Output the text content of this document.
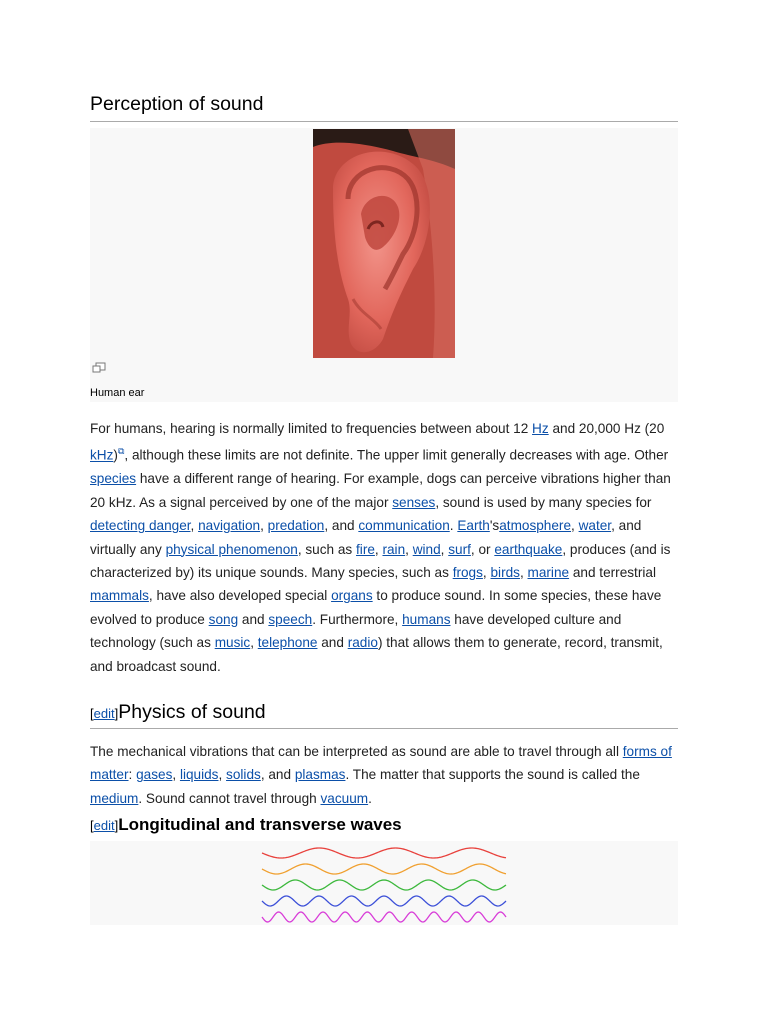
Perception of sound
Human ear
For humans, hearing is normally limited to frequencies between about 12 Hz and 20,000 Hz (20 kHz)⧉, although these limits are not definite. The upper limit generally decreases with age. Other species have a different range of hearing. For example, dogs can perceive vibrations higher than 20 kHz. As a signal perceived by one of the major senses, sound is used by many species for detecting danger, navigation, predation, and communication. Earth'satmosphere, water, and virtually any physical phenomenon, such as fire, rain, wind, surf, or earthquake, produces (and is characterized by) its unique sounds. Many species, such as frogs, birds, marine and terrestrial mammals, have also developed special organs to produce sound. In some species, these have evolved to produce song and speech. Furthermore, humans have developed culture and technology (such as music, telephone and radio) that allows them to generate, record, transmit, and broadcast sound.
[edit]Physics of sound
The mechanical vibrations that can be interpreted as sound are able to travel through all forms of matter: gases, liquids, solids, and plasmas. The matter that supports the sound is called the medium. Sound cannot travel through vacuum.
[edit]Longitudinal and transverse waves
